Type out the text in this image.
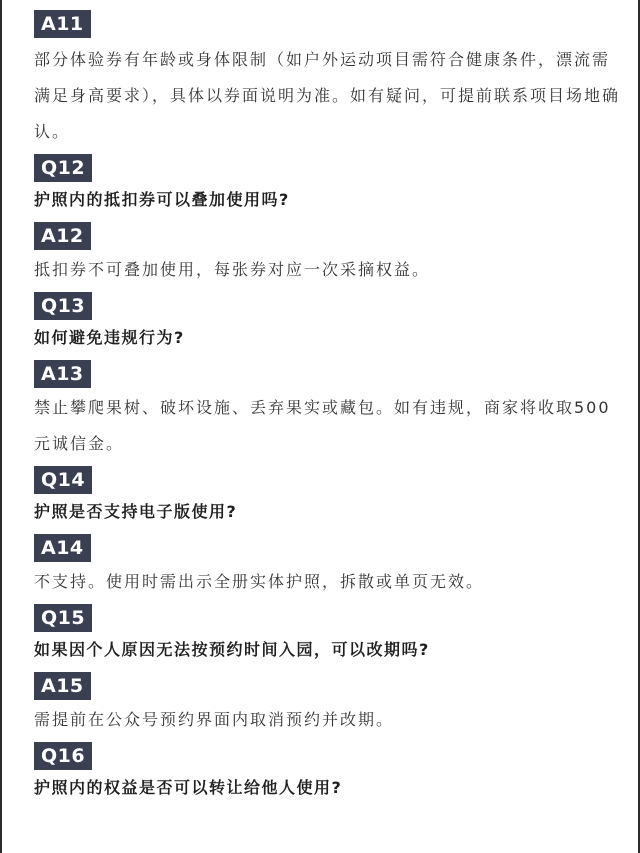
A11
部分体验券有年龄或身体限制（如户外运动项目需符合健康条件，漂流需满足身高要求），具体以券面说明为准。如有疑问，可提前联系项目场地确认。
Q12
护照内的抵扣券可以叠加使用吗?
A12
抵扣券不可叠加使用，每张券对应一次采摘权益。
Q13
如何避免违规行为?
A13
禁止攀爬果树、破坏设施、丢弃果实或藏包。如有违规，商家将收取500元诚信金。
Q14
护照是否支持电子版使用?
A14
不支持。使用时需出示全册实体护照，拆散或单页无效。
Q15
如果因个人原因无法按预约时间入园，可以改期吗?
A15
需提前在公众号预约界面内取消预约并改期。
Q16
护照内的权益是否可以转让给他人使用?
